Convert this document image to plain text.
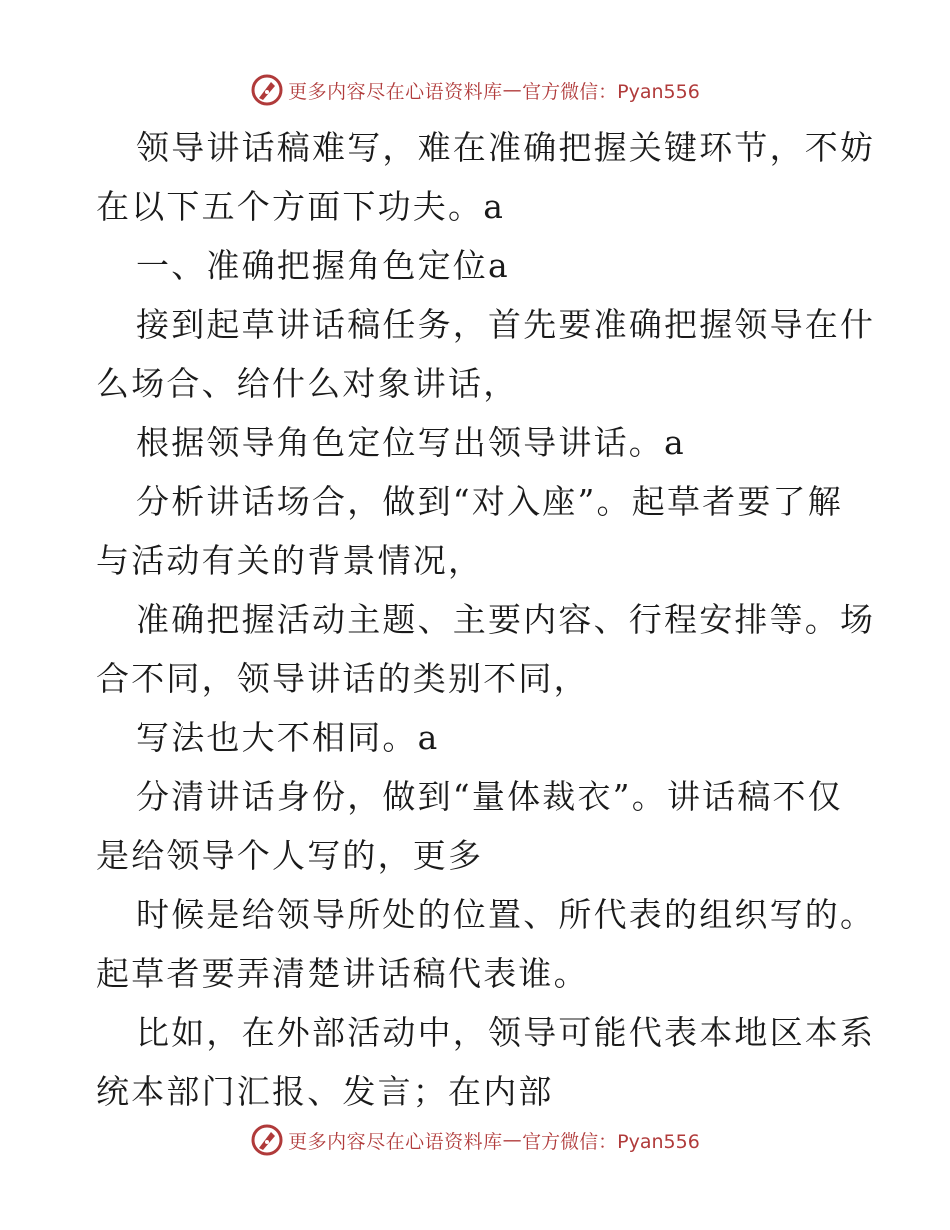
更多内容尽在心语资料库 — 官方微信：Pyan556
领导讲话稿难写，难在准确把握关键环节，不妨
在以下五个方面下功夫。a
一、准确把握角色定位a
接到起草讲话稿任务，首先要准确把握领导在什
么场合、给什么对象讲话，
根据领导角色定位写出领导讲话。a
分析讲话场合，做到“对入座”。起草者要了解
与活动有关的背景情况，
准确把握活动主题、主要内容、行程安排等。场
合不同，领导讲话的类别不同，
写法也大不相同。a
分清讲话身份，做到“量体裁衣”。讲话稿不仅
是给领导个人写的，更多
时候是给领导所处的位置、所代表的组织写的。
起草者要弄清楚讲话稿代表谁。
比如，在外部活动中，领导可能代表本地区本系
统本部门汇报、发言；在内部
更多内容尽在心语资料库 — 官方微信：Pyan556
